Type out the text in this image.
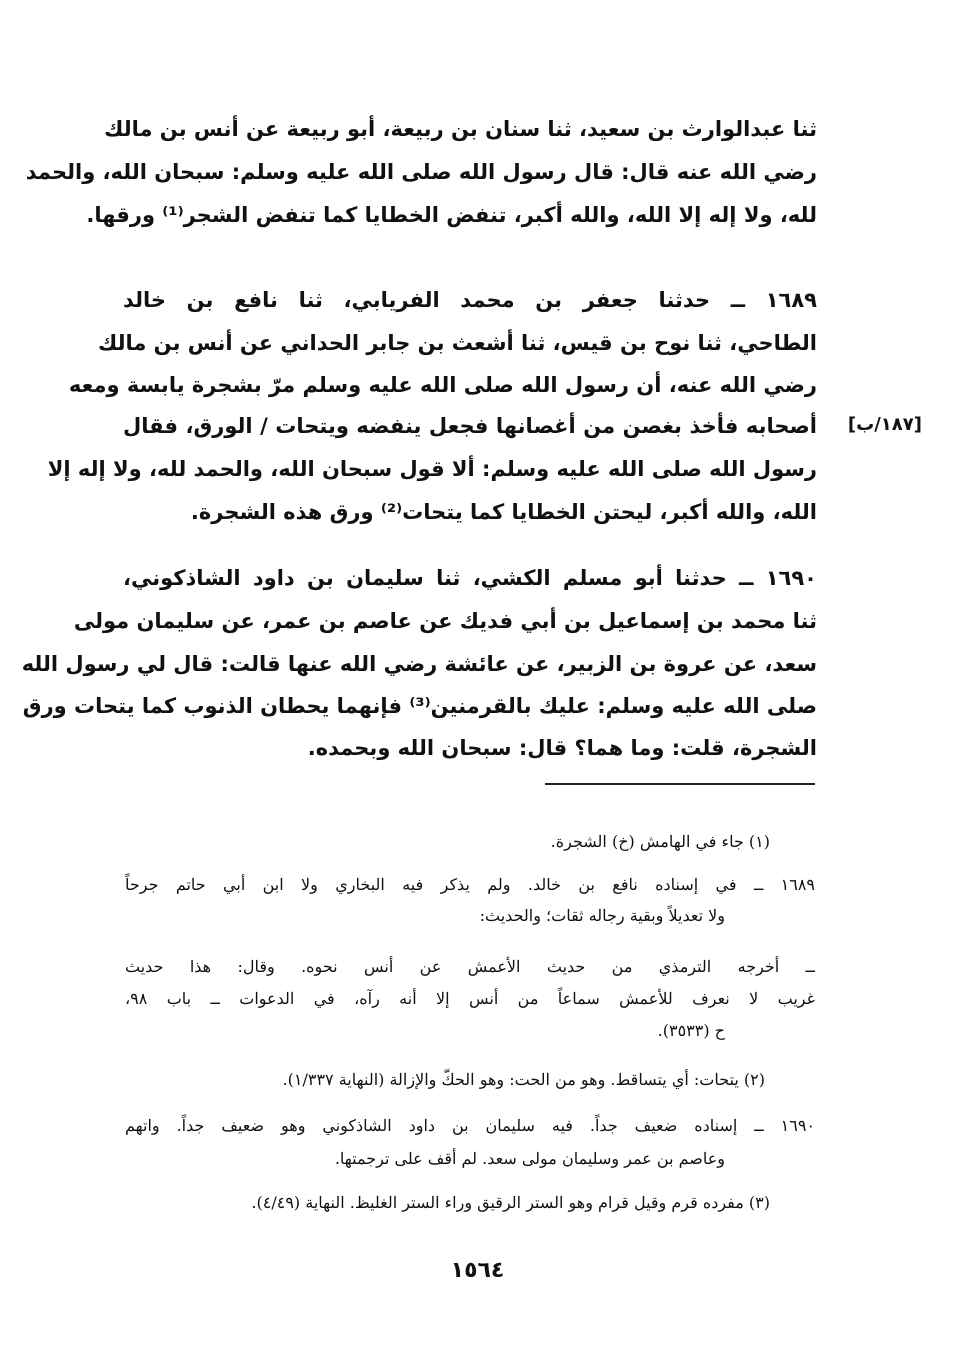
[١٨٧/ب]
ثنا عبدالوارث بن سعيد، ثنا سنان بن ربيعة، أبو ربيعة عن أنس بن مالك
رضي الله عنه قال: قال رسول الله صلى الله عليه وسلم: سبحان الله، والحمد
لله، ولا إله إلا الله، والله أكبر، تنفض الخطايا كما تنفض الشجر⁽¹⁾ ورقها.
١٦٨٩ ــ حدثنا جعفر بن محمد الفريابي، ثنا نافع بن خالد
الطاحي، ثنا نوح بن قيس، ثنا أشعث بن جابر الحداني عن أنس بن مالك
رضي الله عنه، أن رسول الله صلى الله عليه وسلم مرّ بشجرة يابسة ومعه
أصحابه فأخذ بغصن من أغصانها فجعل ينفضه ويتحات / الورق، فقال
رسول الله صلى الله عليه وسلم: ألا قول سبحان الله، والحمد لله، ولا إله إلا
الله، والله أكبر، ليحتن الخطايا كما يتحات⁽²⁾ ورق هذه الشجرة.
١٦٩٠ ــ حدثنا أبو مسلم الكشي، ثنا سليمان بن داود الشاذكوني،
ثنا محمد بن إسماعيل بن أبي فديك عن عاصم بن عمر، عن سليمان مولى
سعد، عن عروة بن الزبير، عن عائشة رضي الله عنها قالت: قال لي رسول الله
صلى الله عليه وسلم: عليك بالقرمنين⁽³⁾ فإنهما يحطان الذنوب كما يتحات ورق
الشجرة، قلت: وما هما؟ قال: سبحان الله وبحمده.
(١) جاء في الهامش (خ) الشجرة.
١٦٨٩ ــ في إسناده نافع بن خالد. ولم يذكر فيه البخاري ولا ابن أبي حاتم جرحاً
ولا تعديلاً وبقية رجاله ثقات؛ والحديث:
ــ أخرجه الترمذي من حديث الأعمش عن أنس نحوه. وقال: هذا حديث
غريب لا نعرف للأعمش سماعاً من أنس إلا أنه رآه، في الدعوات ــ باب ٩٨،
ح (٣٥٣٣).
(٢) يتحات: أي يتساقط. وهو من الحت: وهو الحكّ والإزالة (النهاية ١/٣٣٧).
١٦٩٠ ــ إسناده ضعيف جداً. فيه سليمان بن داود الشاذكوني وهو ضعيف جداً. واتهم
وعاصم بن عمر وسليمان مولى سعد. لم أقف على ترجمتها.
(٣) مفرده قرم وقيل قرام وهو الستر الرقيق وراء الستر الغليظ. النهاية (٤/٤٩).
١٥٦٤
